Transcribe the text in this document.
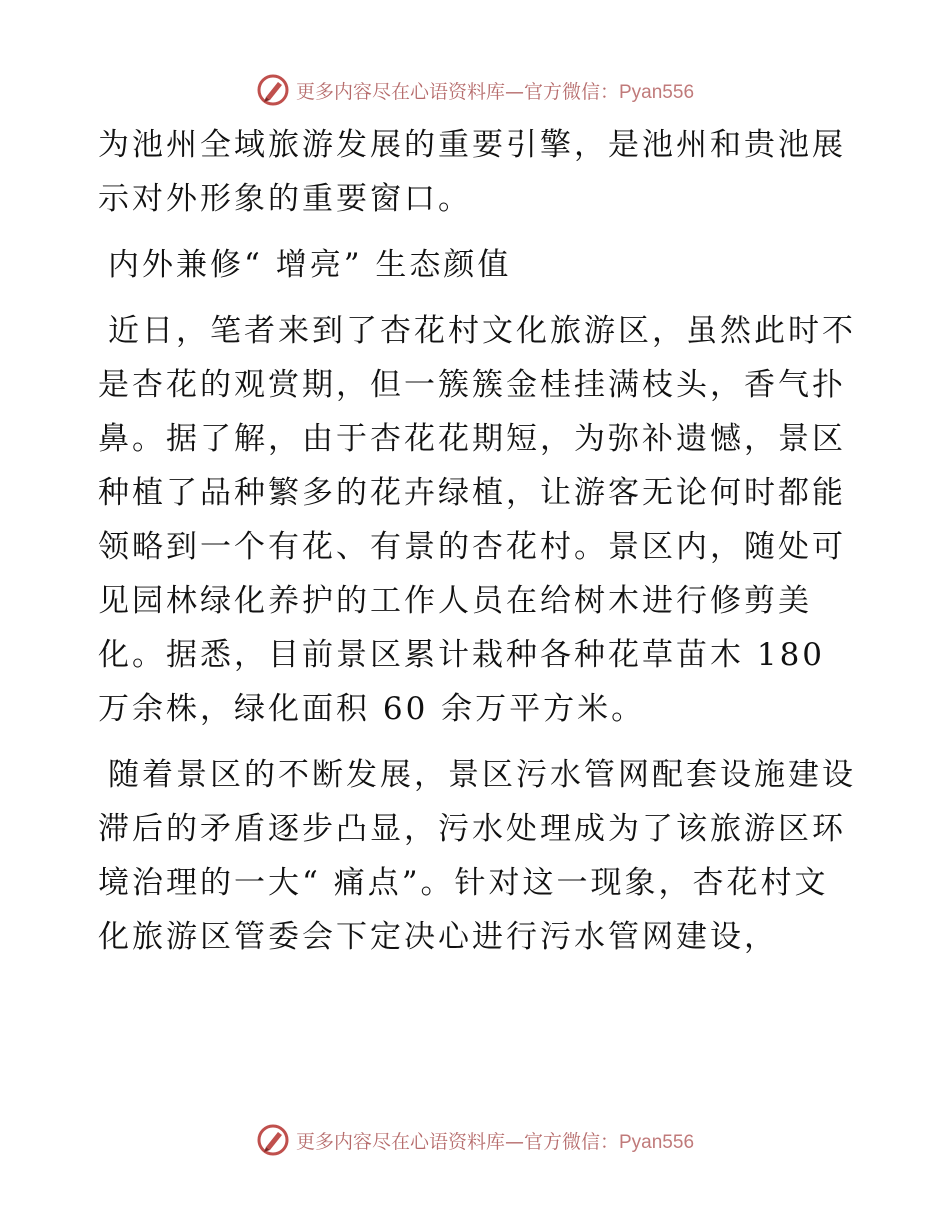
更多内容尽在心语资料库—官方微信：Pyan556

为池州全域旅游发展的重要引擎，是池州和贵池展示对外形象的重要窗口。

内外兼修“ 增亮” 生态颜值

近日，笔者来到了杏花村文化旅游区，虽然此时不是杏花的观赏期，但一簇簇金桂挂满枝头，香气扑鼻。据了解，由于杏花花期短，为弥补遗憾，景区种植了品种繁多的花卉绿植，让游客无论何时都能领略到一个有花、有景的杏花村。景区内，随处可见园林绿化养护的工作人员在给树木进行修剪美化。据悉，目前景区累计栽种各种花草苗木 180 万余株，绿化面积 60 余万平方米。

随着景区的不断发展，景区污水管网配套设施建设滞后的矛盾逐步凸显，污水处理成为了该旅游区环境治理的一大“ 痛点”。针对这一现象，杏花村文化旅游区管委会下定决心进行污水管网建设，

更多内容尽在心语资料库—官方微信：Pyan556
